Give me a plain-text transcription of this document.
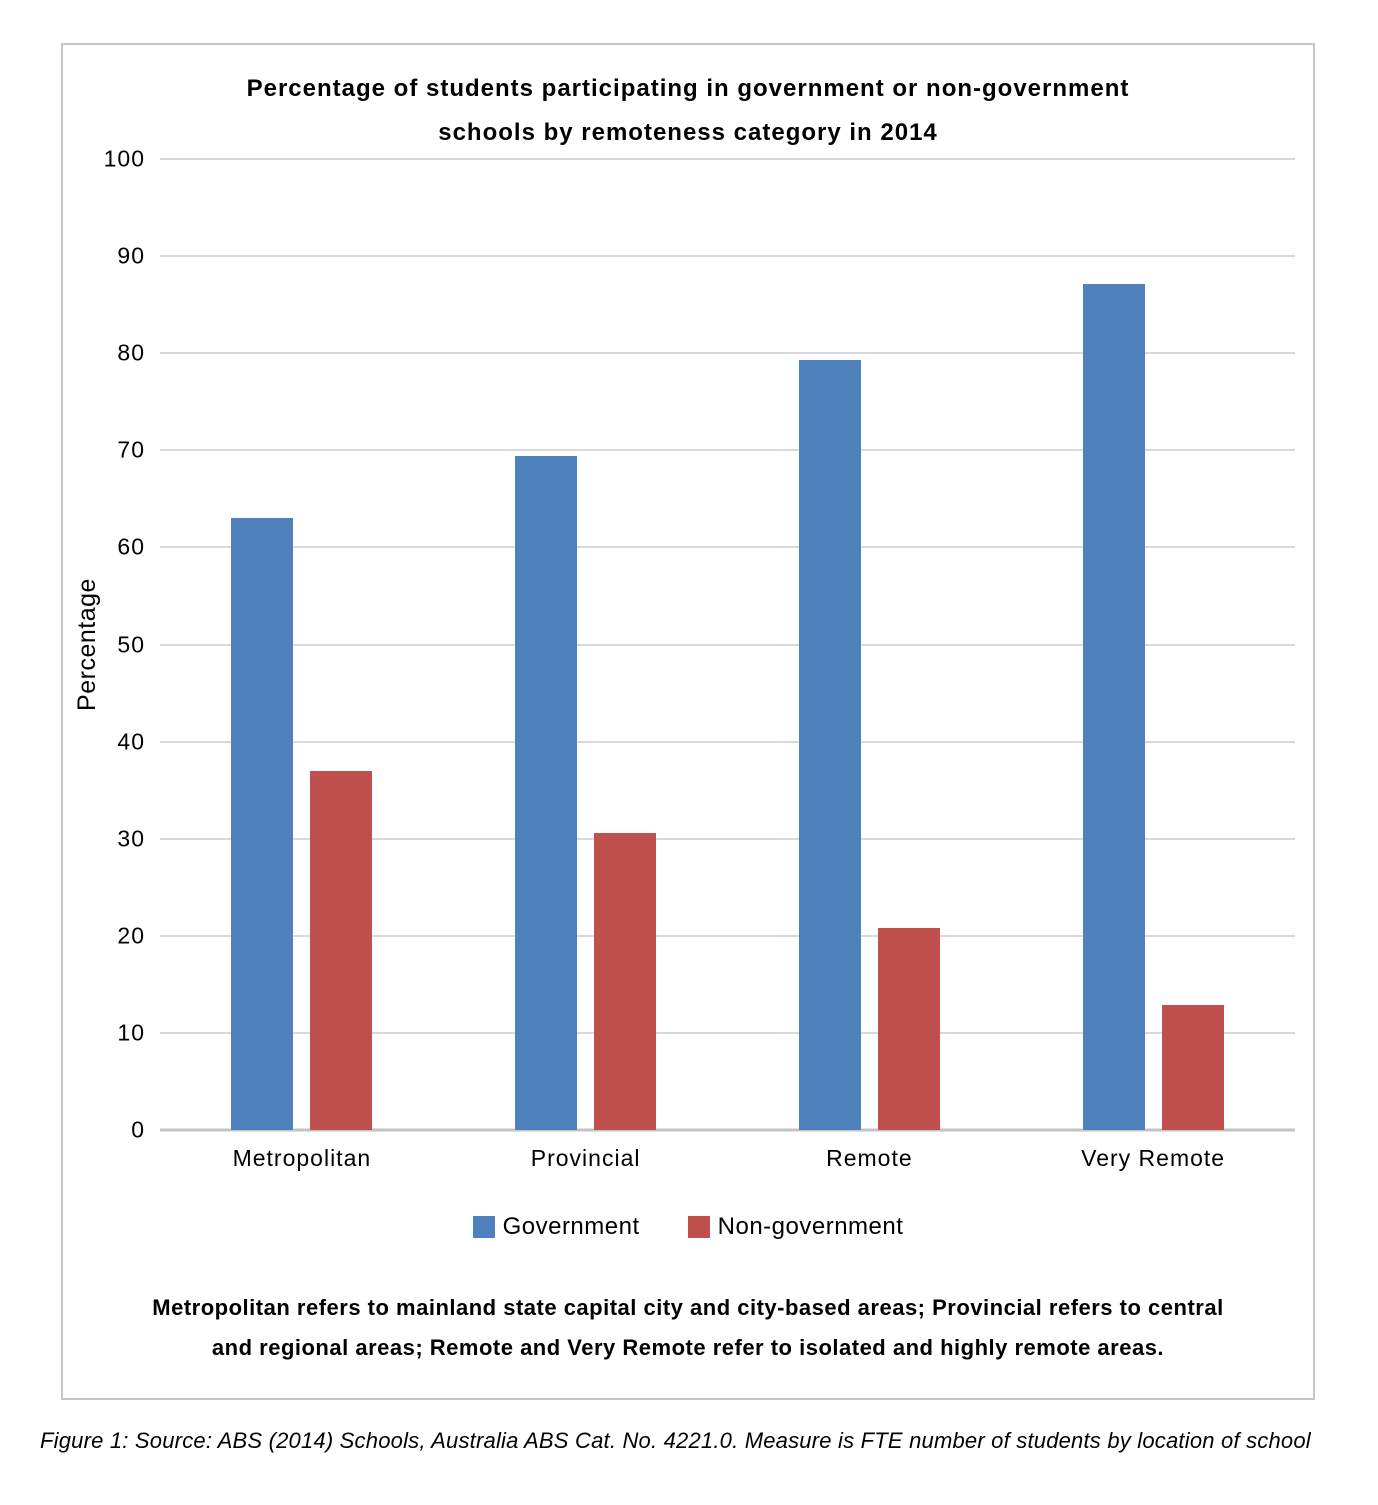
Percentage of students participating in government or non-government
schools by remoteness category in 2014
Percentage
100
90
80
70
60
50
40
30
20
10
0
Metropolitan	Provincial	Remote	Very Remote
Government	Non-government
Metropolitan refers to mainland state capital city and city-based areas; Provincial refers to central
and regional areas; Remote and Very Remote refer to isolated and highly remote areas.
Figure 1: Source: ABS (2014) Schools, Australia ABS Cat. No. 4221.0. Measure is FTE number of students by location of school
